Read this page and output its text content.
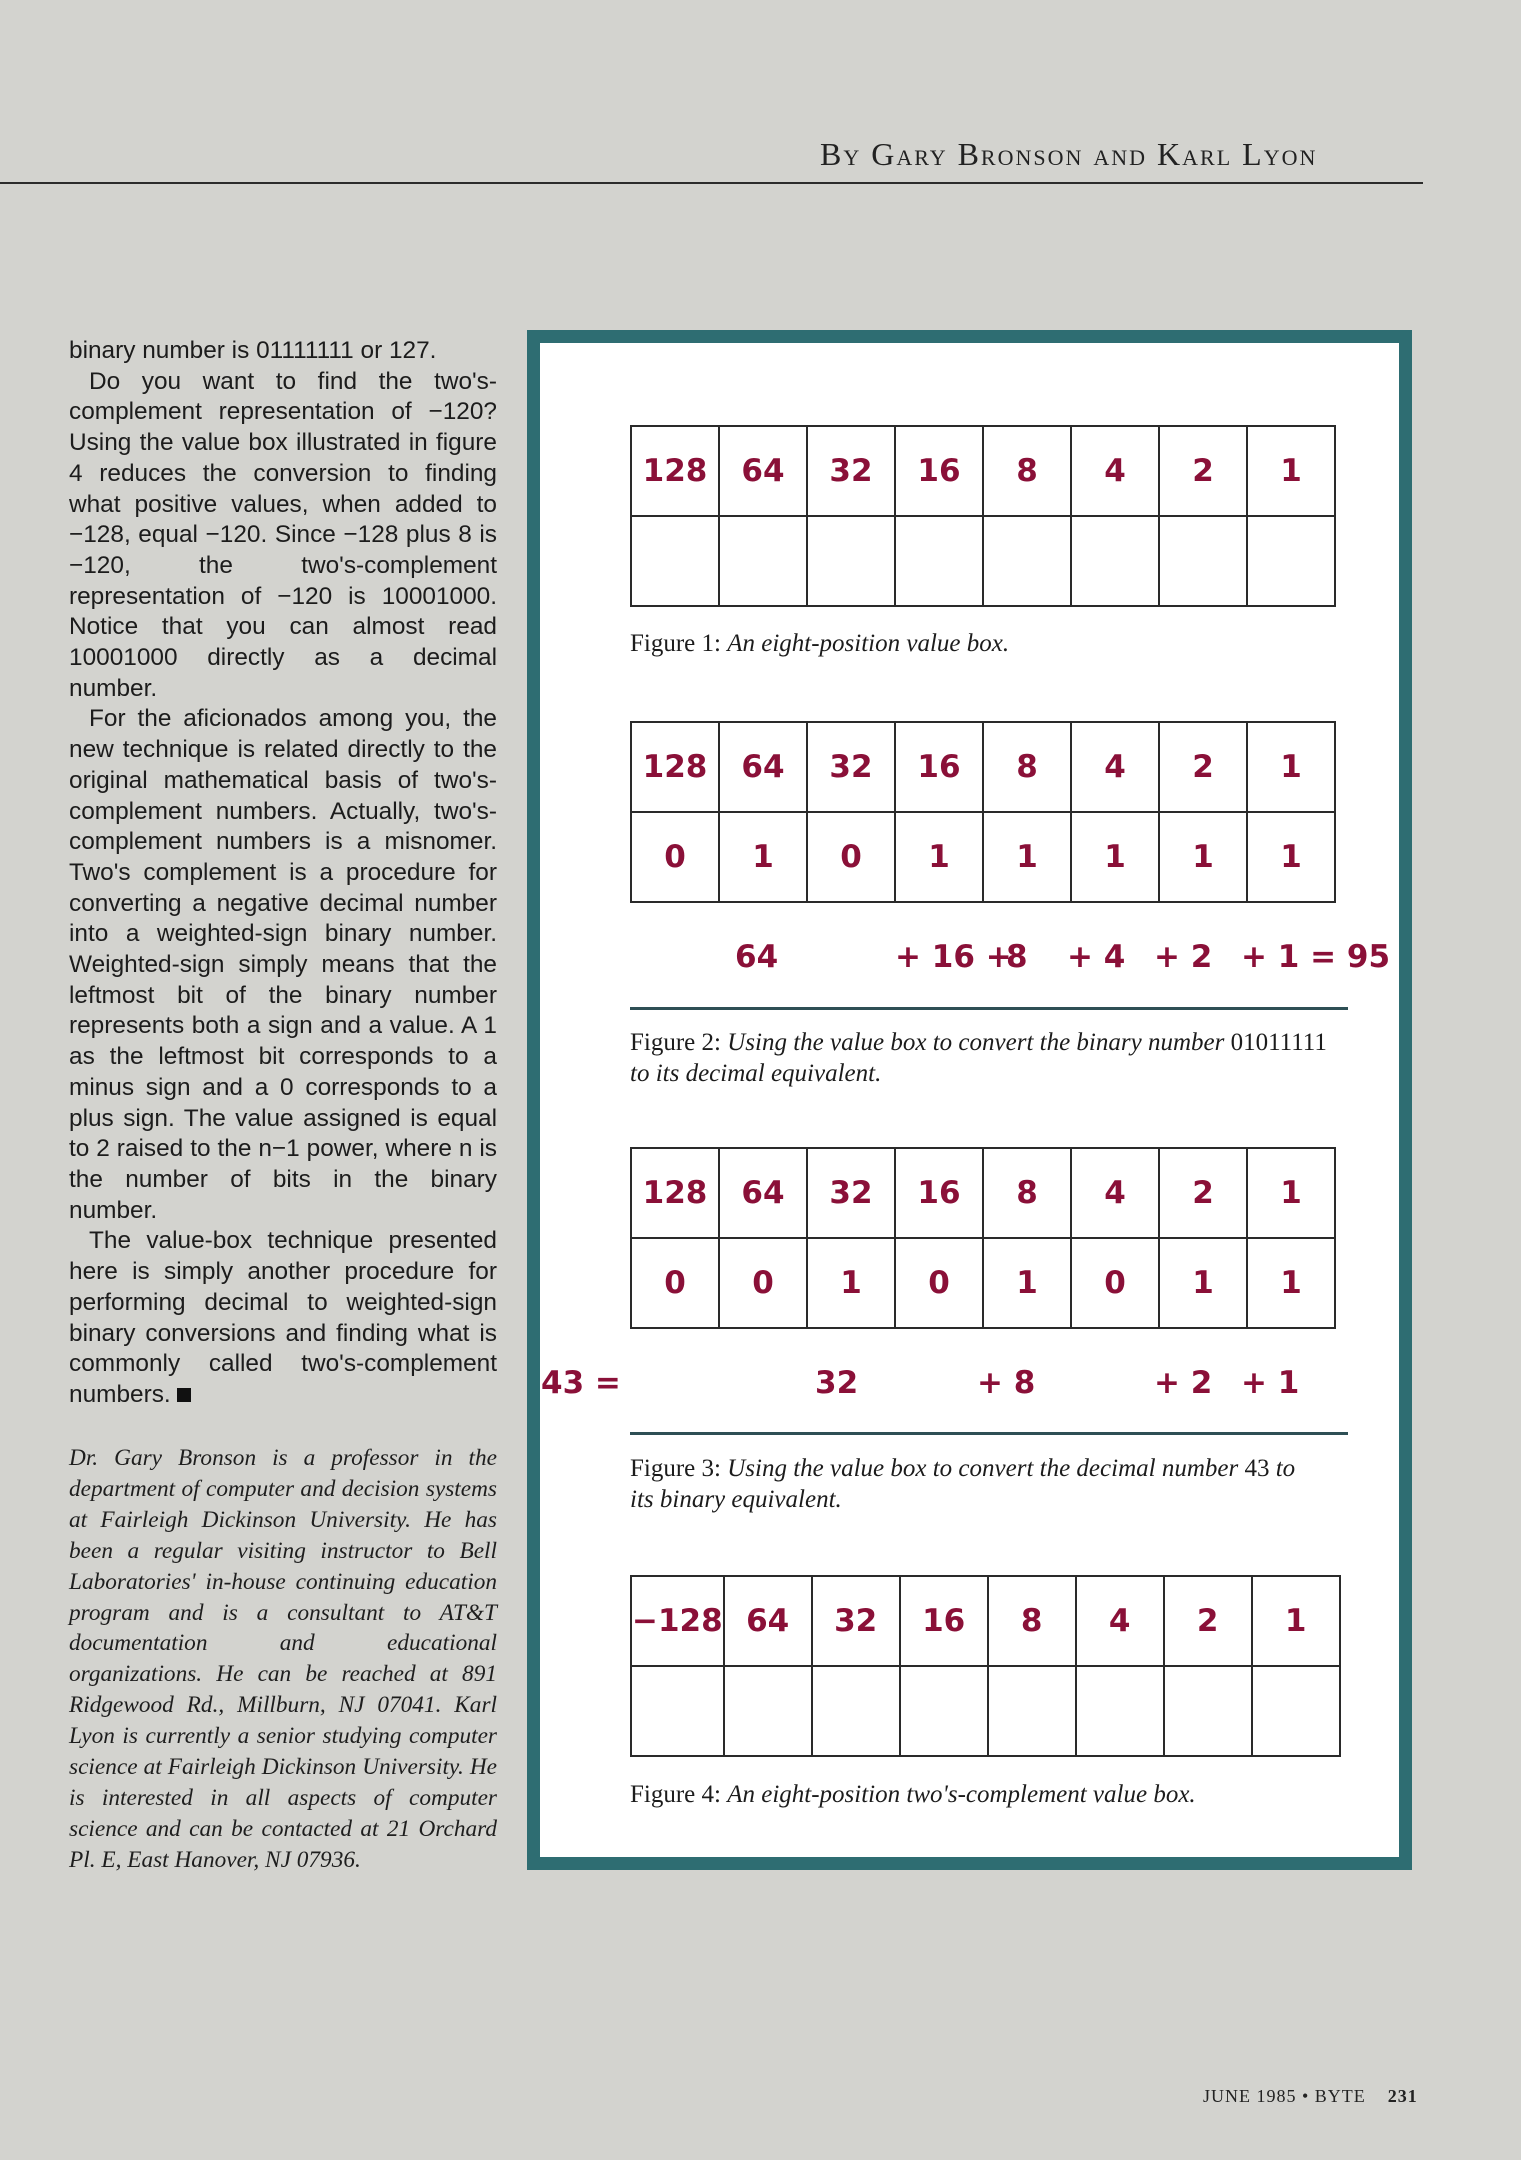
By Gary Bronson and Karl Lyon

binary number is 01111111 or 127.

Do you want to find the two's-complement representation of −120? Using the value box illustrated in figure 4 reduces the conversion to finding what positive values, when added to −128, equal −120. Since −128 plus 8 is −120, the two's-complement representation of −120 is 10001000. Notice that you can almost read 10001000 directly as a decimal number.

For the aficionados among you, the new technique is related directly to the original mathematical basis of two's-complement numbers. Actually, two's-complement numbers is a misnomer. Two's complement is a procedure for converting a negative decimal number into a weighted-sign binary number. Weighted-sign simply means that the leftmost bit of the binary number represents both a sign and a value. A 1 as the leftmost bit corresponds to a minus sign and a 0 corresponds to a plus sign. The value assigned is equal to 2 raised to the n−1 power, where n is the number of bits in the binary number.

The value-box technique presented here is simply another procedure for performing decimal to weighted-sign binary conversions and finding what is commonly called two's-complement numbers.

Dr. Gary Bronson is a professor in the department of computer and decision systems at Fairleigh Dickinson University. He has been a regular visiting instructor to Bell Laboratories' in-house continuing education program and is a consultant to AT&T documentation and educational organizations. He can be reached at 891 Ridgewood Rd., Millburn, NJ 07041. Karl Lyon is currently a senior studying computer science at Fairleigh Dickinson University. He is interested in all aspects of computer science and can be contacted at 21 Orchard Pl. E, East Hanover, NJ 07936.
128	64	32	16	8	4	2	1

Figure 1: An eight-position value box.
128	64	32	16	8	4	2	1
0	1	0	1	1	1	1	1
64	+ 16 +
8 + 4 + 2 + 1 = 95
Figure 2: Using the value box to convert the binary number 01011111
to its decimal equivalent.
128	64	32	16	8	4	2	1
0	0	1	0	1	0	1	1
43 =	32	+ 8	+ 2 + 1
Figure 3: Using the value box to convert the decimal number 43 to
its binary equivalent.
−128	64	32	16	8	4	2	1

Figure 4: An eight-position two's-complement value box.
JUNE 1985 • BYTE 231
